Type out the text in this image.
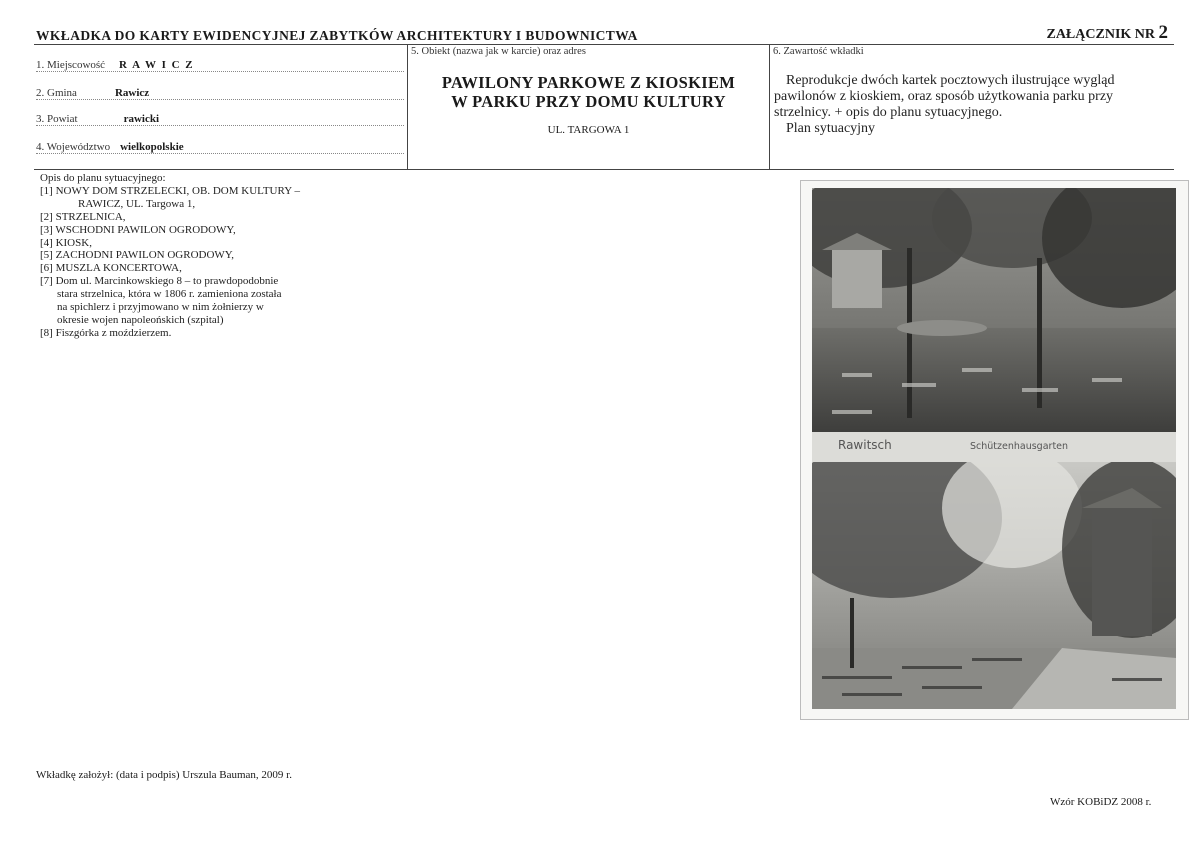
WKŁADKA DO KARTY EWIDENCYJNEJ ZABYTKÓW ARCHITEKTURY I BUDOWNICTWA	ZAŁĄCZNIK NR 2
1. Miejscowość R A W I C Z
2. Gmina	Rawicz
3. Powiat	rawicki
4. Województwo wielkopolskie
5. Obiekt (nazwa jak w karcie) oraz adres
PAWILONY PARKOWE Z KIOSKIEM
W PARKU PRZY DOMU KULTURY
UL. TARGOWA 1
6. Zawartość wkładki
Reprodukcje dwóch kartek pocztowych ilustrujące wygląd
pawilonów z kioskiem, oraz sposób użytkowania parku przy
strzelnicy. + opis do planu sytuacyjnego.
Plan sytuacyjny
Opis do planu sytuacyjnego:
[1] NOWY DOM STRZELECKI, OB. DOM KULTURY –
RAWICZ, UL. Targowa 1,
[2] STRZELNICA,
[3] WSCHODNI PAWILON OGRODOWY,
[4] KIOSK,
[5] ZACHODNI PAWILON OGRODOWY,
[6] MUSZLA KONCERTOWA,
[7] Dom ul. Marcinkowskiego 8 – to prawdopodobnie
stara strzelnica, która w 1806 r. zamieniona została
na spichlerz i przyjmowano w nim żołnierzy w
okresie wojen napoleońskich (szpital)
[8] Fiszgórka z moździerzem.
Rawitsch	Schützenhausgarten
Wkładkę założył: (data i podpis) Urszula Bauman, 2009 r.
Wzór KOBiDZ 2008 r.
